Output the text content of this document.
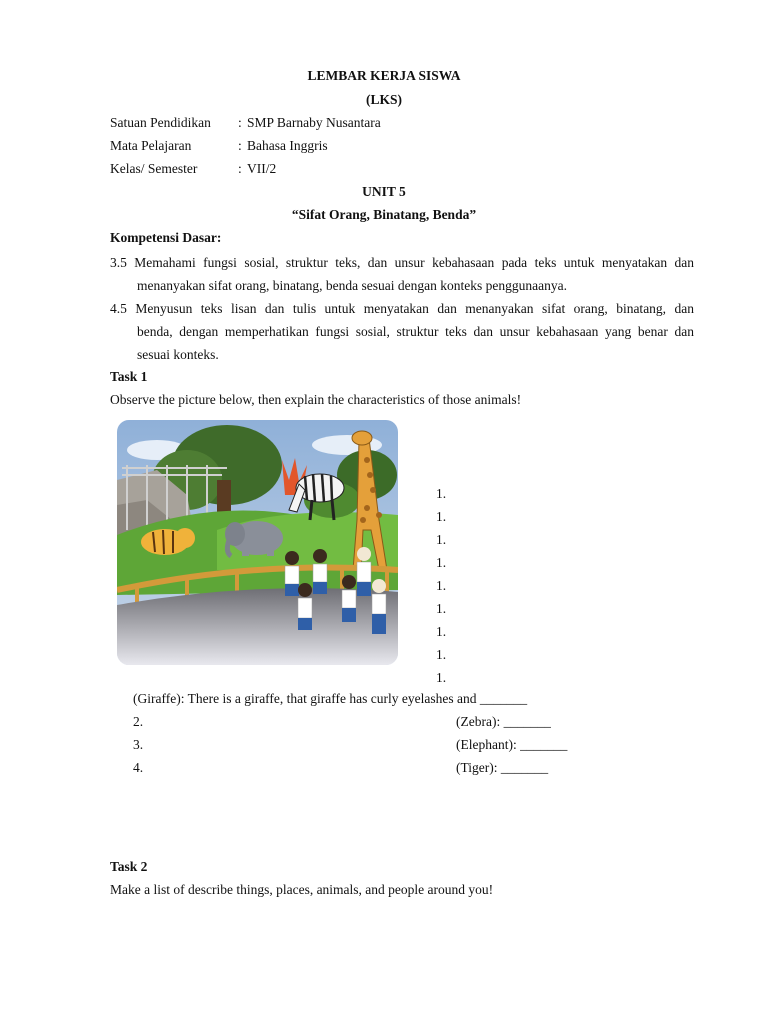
LEMBAR KERJA SISWA
(LKS)
Satuan Pendidikan : SMP Barnaby Nusantara
Mata Pelajaran	: Bahasa Inggris
Kelas/ Semester	: VII/2
UNIT 5
“Sifat Orang, Binatang, Benda”
Kompetensi Dasar:
3.5 Memahami fungsi sosial, struktur teks, dan unsur kebahasaan pada teks untuk menyatakan dan
menanyakan sifat orang, binatang, benda sesuai dengan konteks penggunaanya.
4.5 Menyusun teks lisan dan tulis untuk menyatakan dan menanyakan sifat orang, binatang, dan
benda, dengan memperhatikan fungsi sosial, struktur teks dan unsur kebahasaan yang benar dan
sesuai konteks.
Task 1
Observe the picture below, then explain the characteristics of those animals!
1.
1.
1.
1.
1.
1.
1.
1.
1.
(Giraffe): There is a giraffe, that giraffe has curly eyelashes and _______
2.	(Zebra): _______
3.	(Elephant): _______
4.	(Tiger): _______
Task 2
Make a list of describe things, places, animals, and people around you!
